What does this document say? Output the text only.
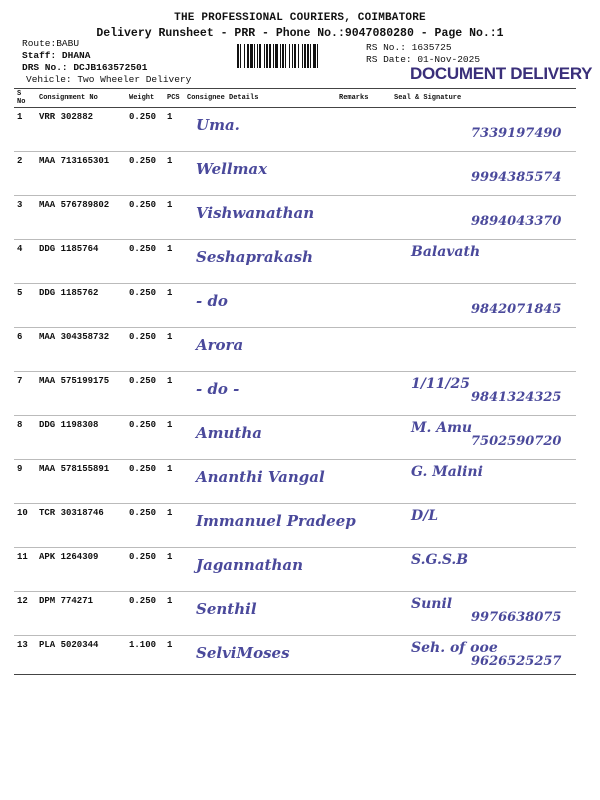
THE PROFESSIONAL COURIERS, COIMBATORE
Delivery Runsheet - PRR - Phone No.:9047080280 - Page No.:1
Route:BABU
Staff: DHANA
DRS No.: DCJB163572501
Vehicle: Two Wheeler Delivery
RS No.: 1635725
RS Date: 01-Nov-2025
DOCUMENT DELIVERY
S No	Consignment No	Weight	PCS	Consignee Details	Remarks	Seal & Signature
1	VRR 302882	0.250	1	Uma.		7339197490

2	MAA 713165301	0.250	1	Wellmax		9994385574

3	MAA 576789802	0.250	1	Vishwanathan		9894043370

4	DDG 1185764	0.250	1	Seshaprakash		Balavath

5	DDG 1185762	0.250	1	- do		9842071845

6	MAA 304358732	0.250	1	Arora		

7	MAA 575199175	0.250	1	- do -		1/11/25
9841324325

8	DDG 1198308	0.250	1	Amutha		M. Amu
7502590720

9	MAA 578155891	0.250	1	Ananthi Vangal		G. Malini

10	TCR 30318746	0.250	1	Immanuel Pradeep		D/L

11	APK 1264309	0.250	1	Jagannathan		S.G.S.B

12	DPM 774271	0.250	1	Senthil		Sunil
9976638075

13	PLA 5020344	1.100	1	SelviMoses		Seh. of ooe
9626525257
